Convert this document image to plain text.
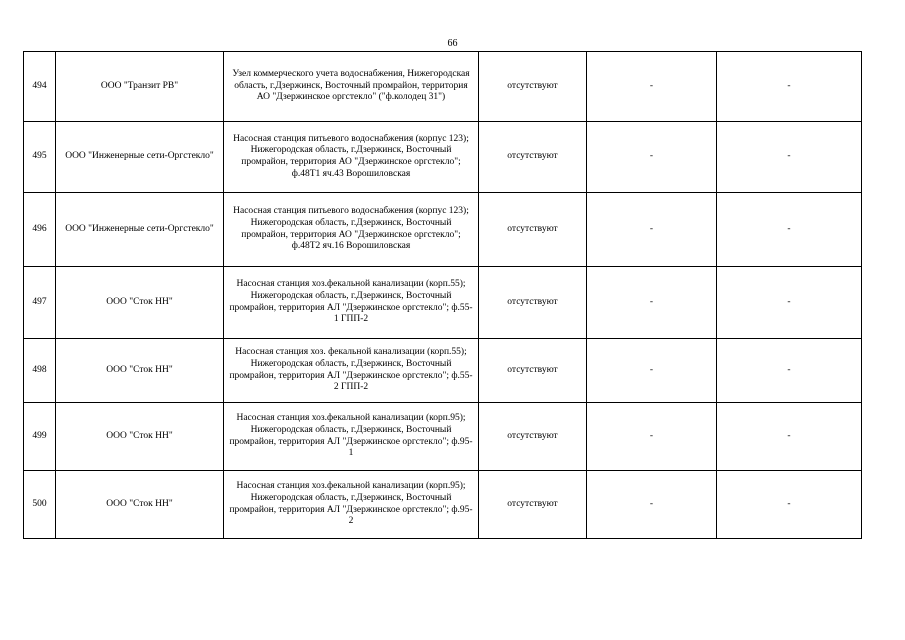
66
494	ООО "Транзит РВ"	Узел коммерческого учета водоснабжения, Нижегородская область, г.Дзержинск, Восточный промрайон, территория АО "Дзержинское оргстекло" ("ф.колодец 31")	отсутствуют	-	-
495	ООО "Инженерные сети-Оргстекло"	Насосная станция питьевого водоснабжения (корпус 123); Нижегородская область, г.Дзержинск, Восточный промрайон, территория АО "Дзержинское оргстекло"; ф.48Т1 яч.43 Ворошиловская	отсутствуют	-	-
496	ООО "Инженерные сети-Оргстекло"	Насосная станция питьевого водоснабжения (корпус 123); Нижегородская область, г.Дзержинск, Восточный промрайон, территория АО "Дзержинское оргстекло"; ф.48Т2 яч.16 Ворошиловская	отсутствуют	-	-
497	ООО "Сток НН"	Насосная станция хоз.фекальной канализации (корп.55); Нижегородская область, г.Дзержинск, Восточный промрайон, территория АЛ "Дзержинское оргстекло"; ф.55-1 ГПП-2	отсутствуют	-	-
498	ООО "Сток НН"	Насосная станция хоз. фекальной канализации (корп.55); Нижегородская область, г.Дзержинск, Восточный промрайон, территория АЛ "Дзержинское оргстекло"; ф.55-2 ГПП-2	отсутствуют	-	-
499	ООО "Сток НН"	Насосная станция хоз.фекальной канализации (корп.95); Нижегородская область, г.Дзержинск, Восточный промрайон, территория АЛ "Дзержинское оргстекло"; ф.95-1	отсутствуют	-	-
500	ООО "Сток НН"	Насосная станция хоз.фекальной канализации (корп.95); Нижегородская область, г.Дзержинск, Восточный промрайон, территория АЛ "Дзержинское оргстекло"; ф.95-2	отсутствуют	-	-
